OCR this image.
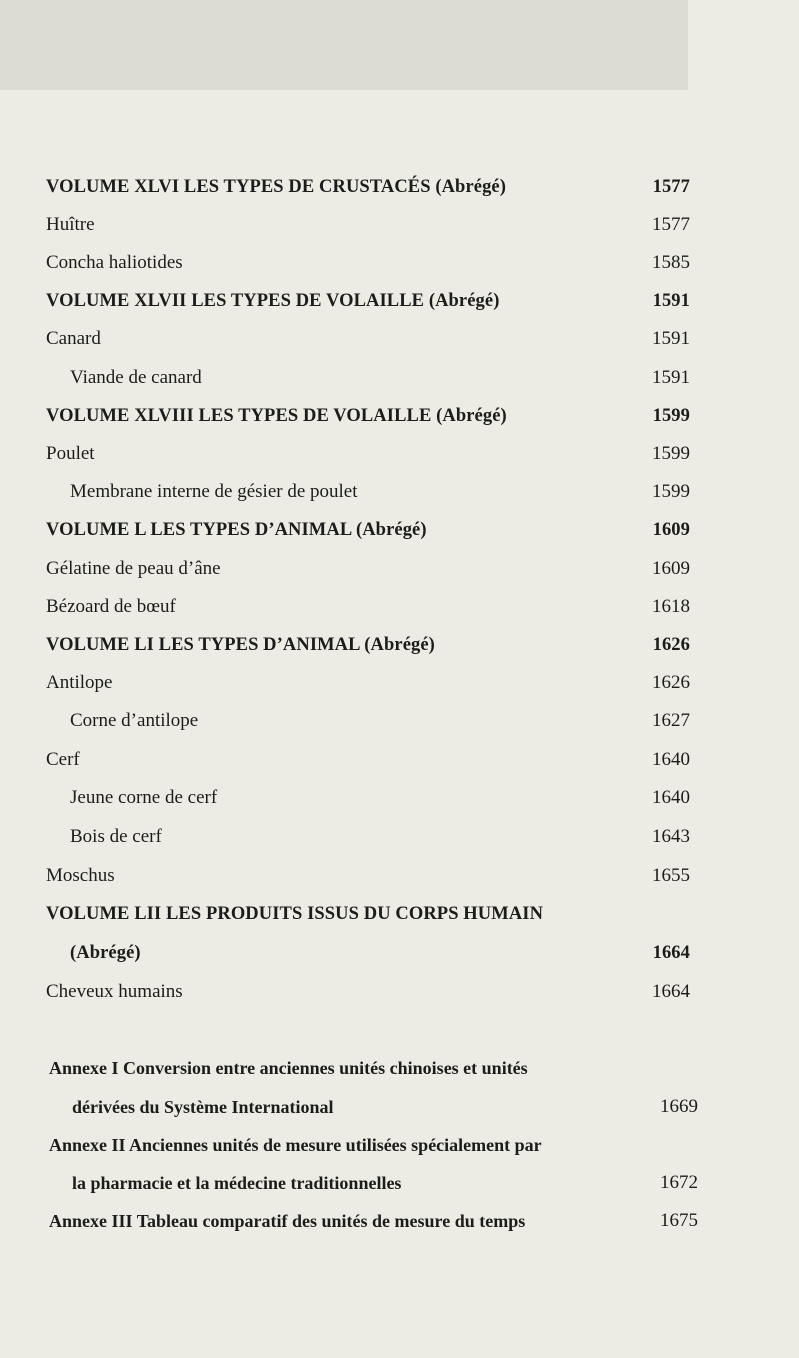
VOLUME XLVI LES TYPES DE CRUSTACÉS (Abrégé)	1577
Huître	1577
Concha haliotides	1585
VOLUME XLVII LES TYPES DE VOLAILLE (Abrégé)	1591
Canard	1591
Viande de canard	1591
VOLUME XLVIII LES TYPES DE VOLAILLE (Abrégé)	1599
Poulet	1599
Membrane interne de gésier de poulet	1599
VOLUME L LES TYPES D’ANIMAL (Abrégé)	1609
Gélatine de peau d’âne	1609
Bézoard de bœuf	1618
VOLUME LI LES TYPES D’ANIMAL (Abrégé)	1626
Antilope	1626
Corne d’antilope	1627
Cerf	1640
Jeune corne de cerf	1640
Bois de cerf	1643
Moschus	1655
VOLUME LII LES PRODUITS ISSUS DU CORPS HUMAIN
(Abrégé)	1664
Cheveux humains	1664
Annexe I Conversion entre anciennes unités chinoises et unités
dérivées du Système International	1669
Annexe II Anciennes unités de mesure utilisées spécialement par
la pharmacie et la médecine traditionnelles	1672
Annexe III Tableau comparatif des unités de mesure du temps	1675
